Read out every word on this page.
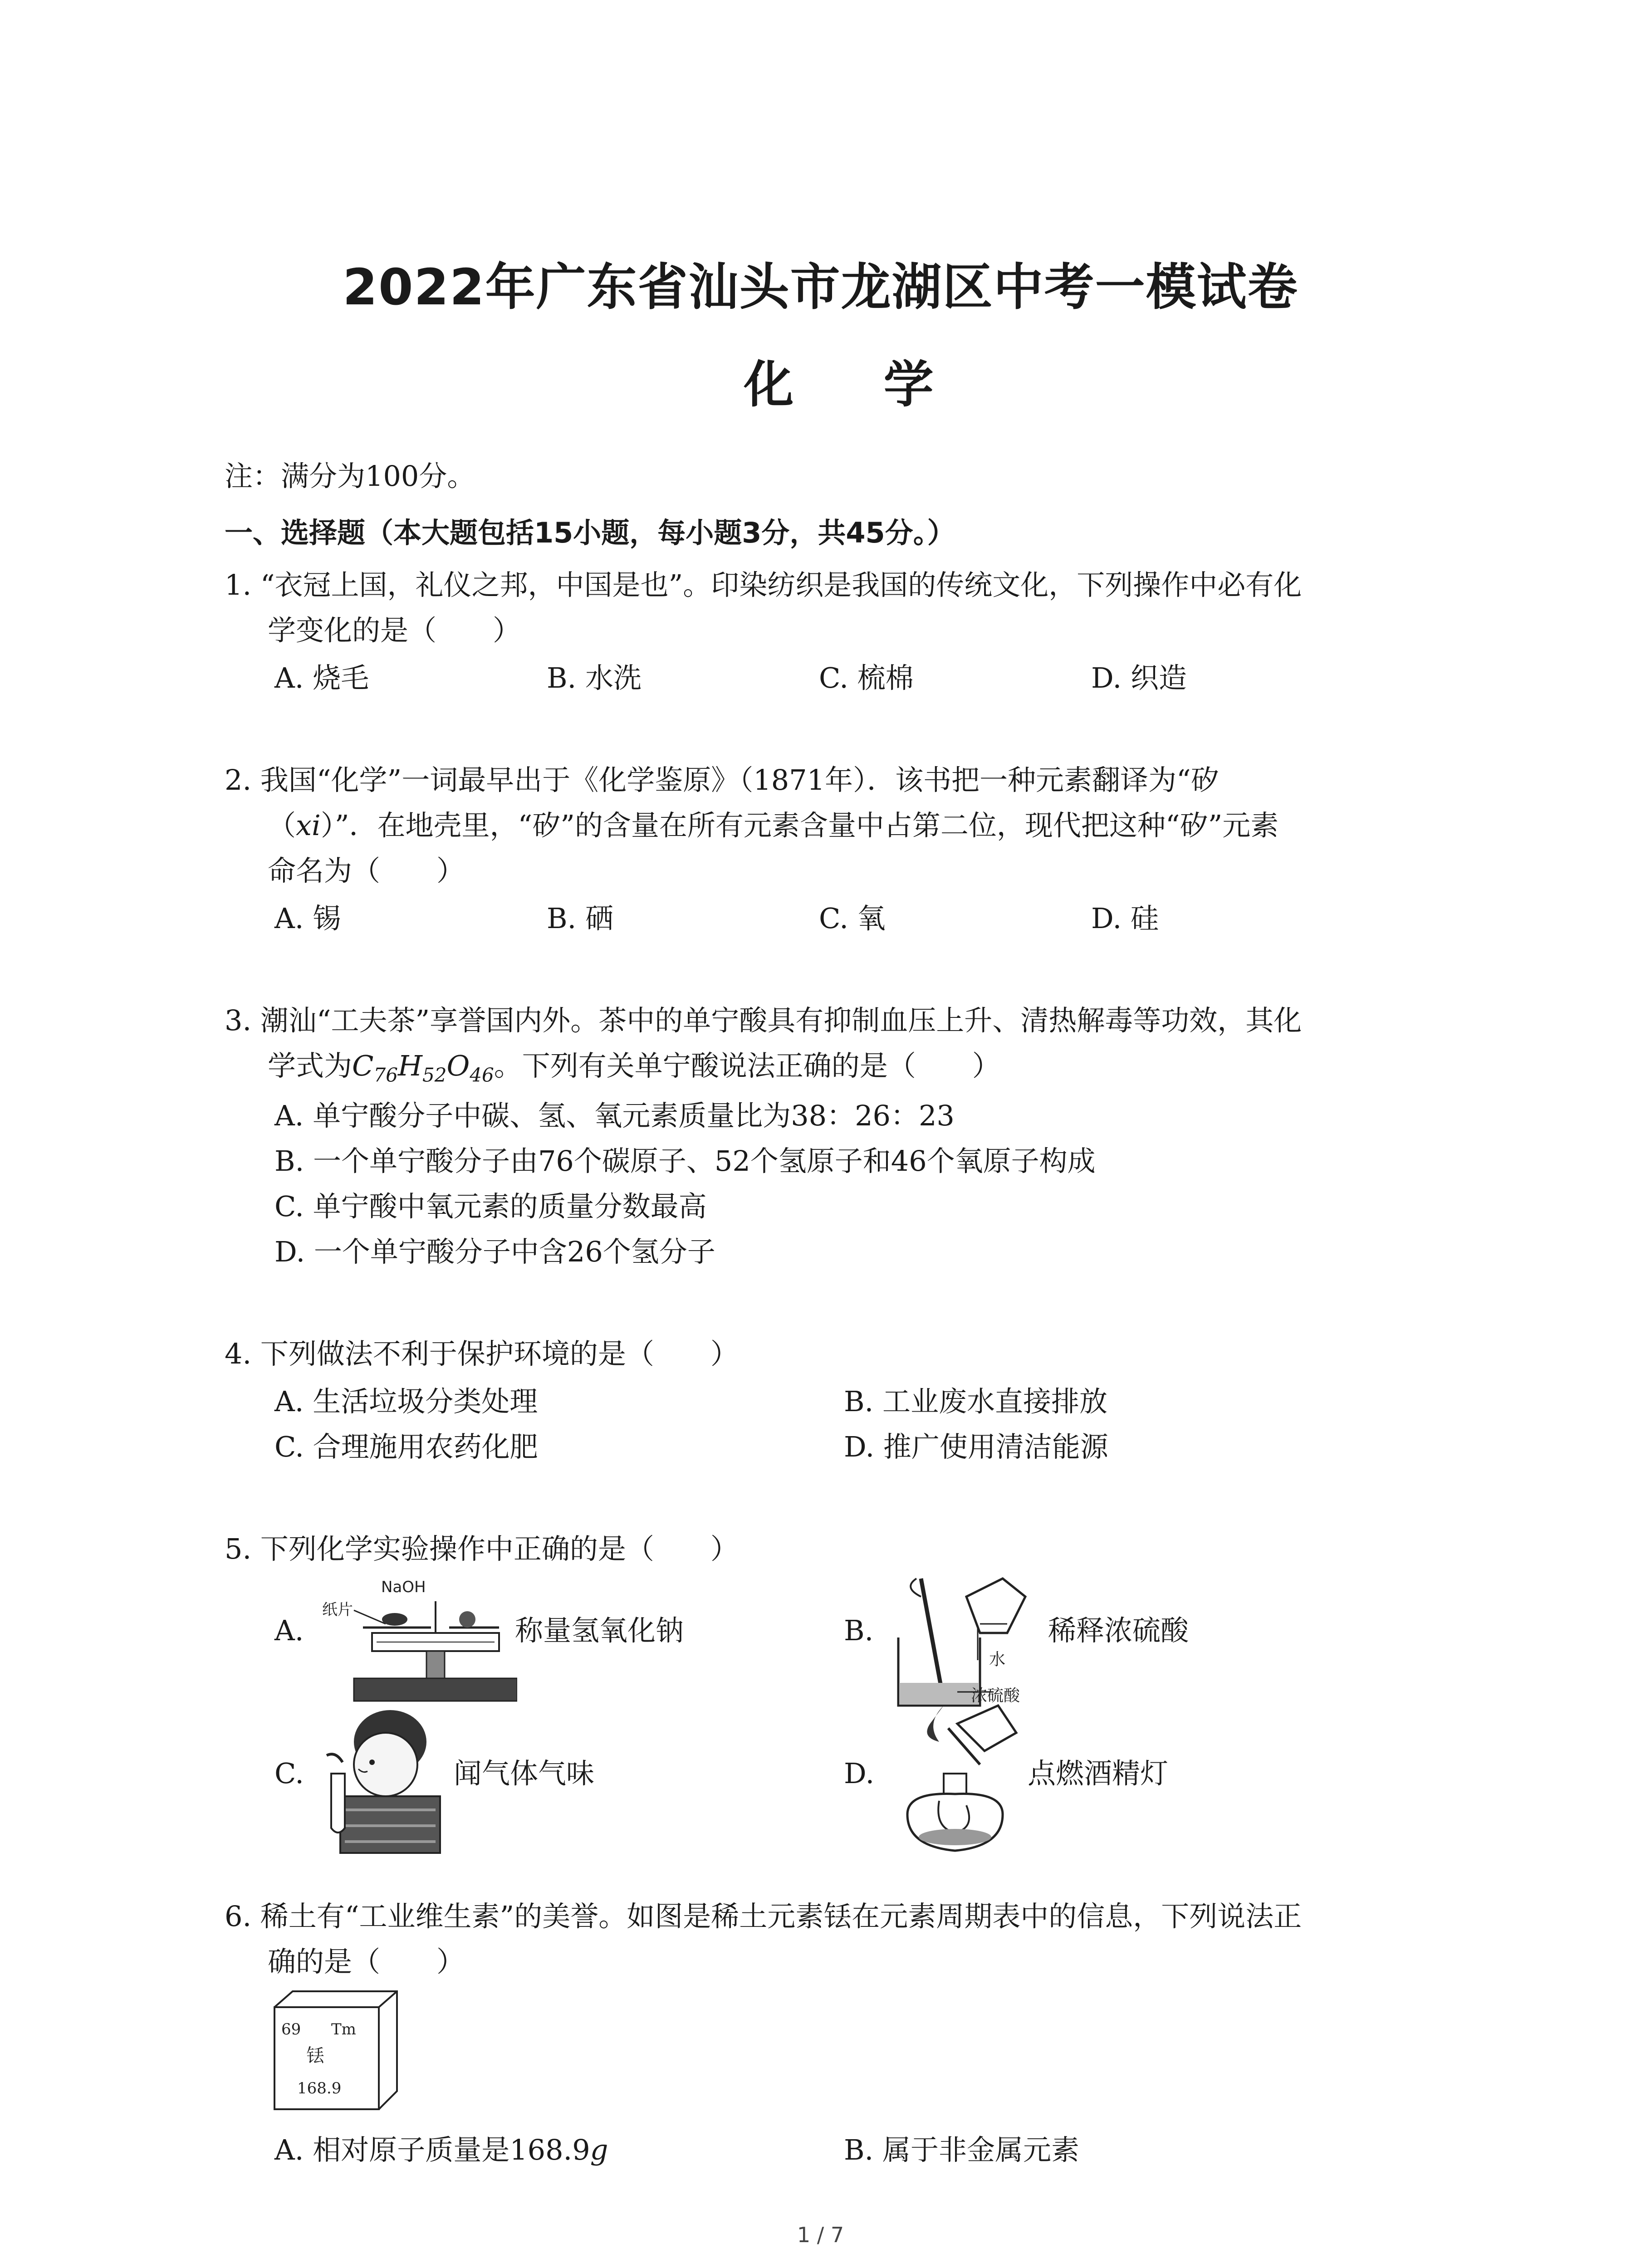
2022年广东省汕头市龙湖区中考一模试卷
化 学
注：满分为100分。
一、选择题（本大题包括15小题，每小题3分，共45分。）
1. “衣冠上国，礼仪之邦，中国是也”。印染纺织是我国的传统文化，下列操作中必有化
学变化的是（　　）
A. 烧毛	B. 水洗	C. 梳棉	D. 织造
2. 我国“化学”一词最早出于《化学鉴原》（1871年）．该书把一种元素翻译为“矽
（xi）”．在地壳里，“矽”的含量在所有元素含量中占第二位，现代把这种“矽”元素
命名为（　　）
A. 锡	B. 硒	C. 氧	D. 硅
3. 潮汕“工夫茶”享誉国内外。茶中的单宁酸具有抑制血压上升、清热解毒等功效，其化
学式为$C_{76}H_{52}O_{46}$。下列有关单宁酸说法正确的是（　　）
A. 单宁酸分子中碳、氢、氧元素质量比为38：26：23
B. 一个单宁酸分子由76个碳原子、52个氢原子和46个氧原子构成
C. 单宁酸中氧元素的质量分数最高
D. 一个单宁酸分子中含26个氢分子
4. 下列做法不利于保护环境的是（　　）
A. 生活垃圾分类处理	B. 工业废水直接排放
C. 合理施用农药化肥	D. 推广使用清洁能源
5. 下列化学实验操作中正确的是（　　）
A.
NaOH
纸片
称量氢氧化钠	B.
水
浓硫酸
稀释浓硫酸
C.	闻气体气味	D.	点燃酒精灯
6. 稀土有“工业维生素”的美誉。如图是稀土元素铥在元素周期表中的信息，下列说法正
确的是（　　）
69 Tm
铥
168.9
A. 相对原子质量是168.9g	B. 属于非金属元素
1 / 7
